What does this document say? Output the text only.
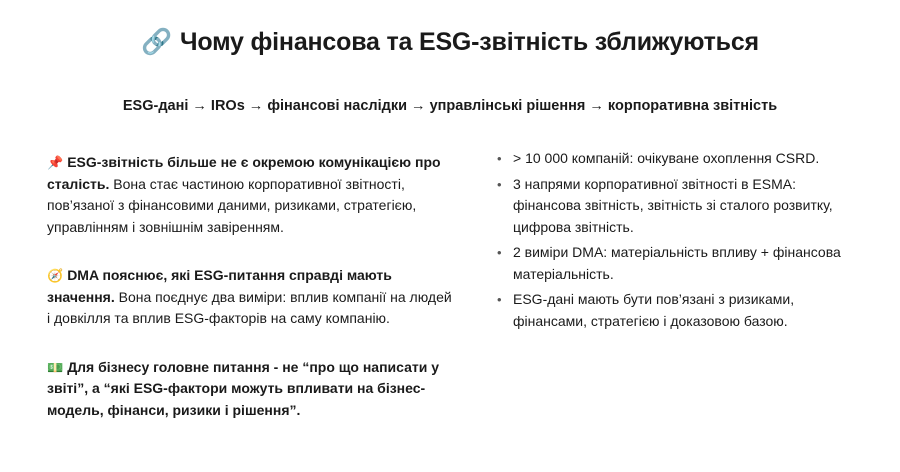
🔗 Чому фінансова та ESG-звітність зближуються
ESG-дані → IROs → фінансові наслідки → управлінські рішення → корпоративна звітність

📌 ESG-звітність більше не є окремою комунікацією про сталість. Вона стає частиною корпоративної звітності, пов’язаної з фінансовими даними, ризиками, стратегією, управлінням і зовнішнім завіренням.

🧭 DMA пояснює, які ESG-питання справді мають значення. Вона поєднує два виміри: вплив компанії на людей і довкілля та вплив ESG-факторів на саму компанію.

💵 Для бізнесу головне питання - не “про що написати у звіті”, а “які ESG-фактори можуть впливати на бізнес-модель, фінанси, ризики і рішення”.

• > 10 000 компаній: очікуване охоплення CSRD.
• 3 напрями корпоративної звітності в ESMA: фінансова звітність, звітність зі сталого розвитку, цифрова звітність.
• 2 виміри DMA: матеріальність впливу + фінансова матеріальність.
• ESG-дані мають бути пов’язані з ризиками, фінансами, стратегією і доказовою базою.
